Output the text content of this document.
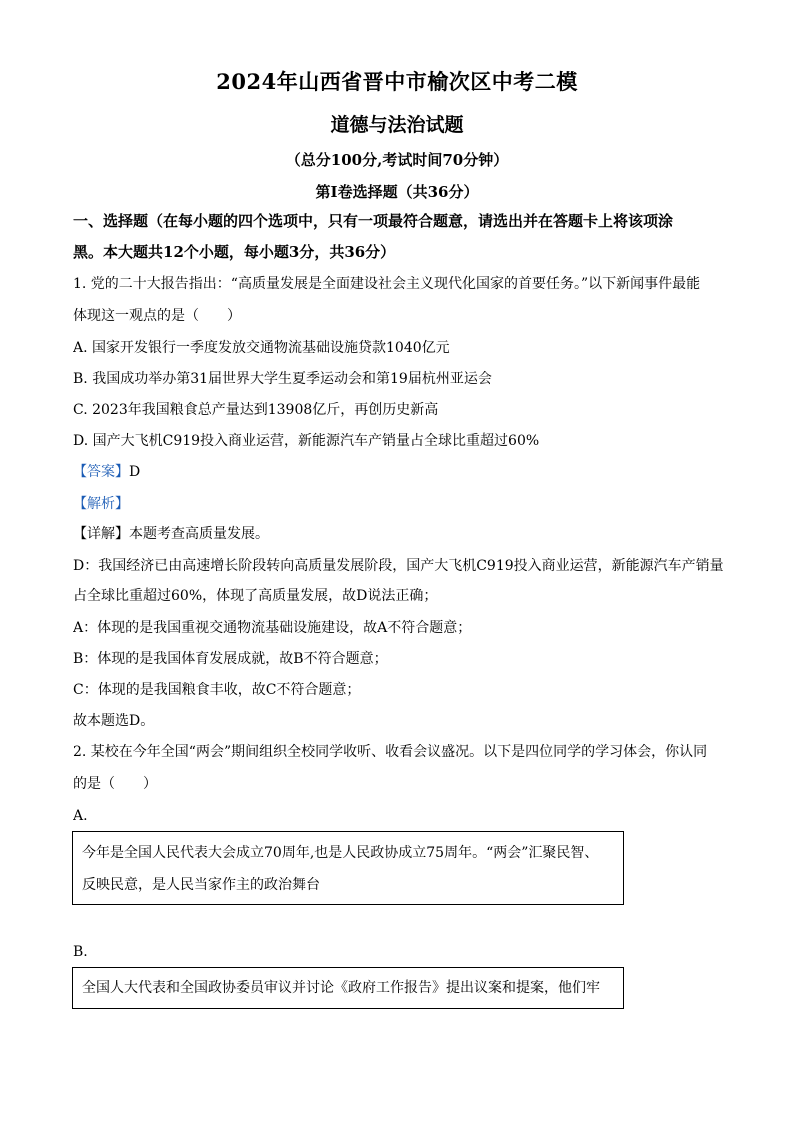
2024年山西省晋中市榆次区中考二模
道德与法治试题
（总分100分,考试时间70分钟）
第Ⅰ卷选择题（共36分）
一、选择题（在每小题的四个选项中，只有一项最符合题意，请选出并在答题卡上将该项涂
黑。本大题共12个小题，每小题3分，共36分）
1. 党的二十大报告指出：“高质量发展是全面建设社会主义现代化国家的首要任务。”以下新闻事件最能
体现这一观点的是（　　）
A. 国家开发银行一季度发放交通物流基础设施贷款1040亿元
B. 我国成功举办第31届世界大学生夏季运动会和第19届杭州亚运会
C. 2023年我国粮食总产量达到13908亿斤，再创历史新高
D. 国产大飞机C919投入商业运营，新能源汽车产销量占全球比重超过60%
【答案】D
【解析】
【详解】本题考查高质量发展。
D：我国经济已由高速增长阶段转向高质量发展阶段，国产大飞机C919投入商业运营，新能源汽车产销量
占全球比重超过60%，体现了高质量发展，故D说法正确；
A：体现的是我国重视交通物流基础设施建设，故A不符合题意；
B：体现的是我国体育发展成就，故B不符合题意；
C：体现的是我国粮食丰收，故C不符合题意；
故本题选D。
2. 某校在今年全国“两会”期间组织全校同学收听、收看会议盛况。以下是四位同学的学习体会，你认同
的是（　　）
A.
今年是全国人民代表大会成立70周年,也是人民政协成立75周年。“两会”汇聚民智、
反映民意，是人民当家作主的政治舞台
B.
全国人大代表和全国政协委员审议并讨论《政府工作报告》提出议案和提案，他们牢
